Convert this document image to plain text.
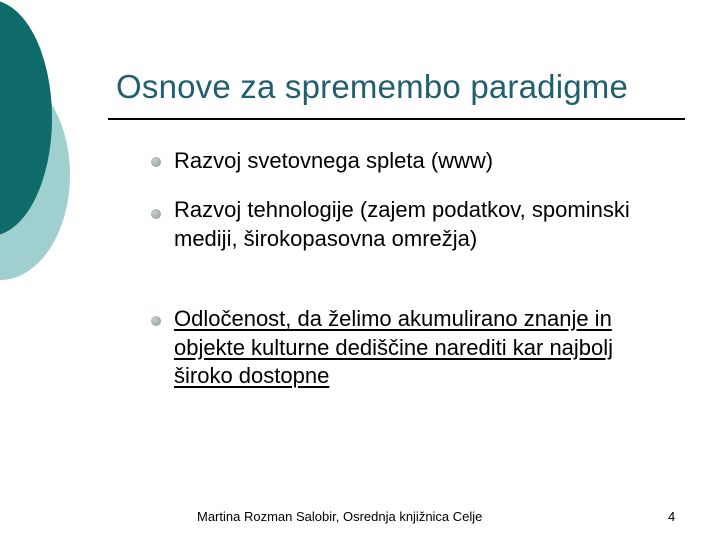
Osnove za spremembo paradigme
Razvoj svetovnega spleta (www)
Razvoj tehnologije (zajem podatkov, spominski mediji, širokopasovna omrežja)
Odločenost, da želimo akumulirano znanje in objekte kulturne dediščine narediti kar najbolj široko dostopne
Martina Rozman Salobir, Osrednja knjižnica Celje	4
